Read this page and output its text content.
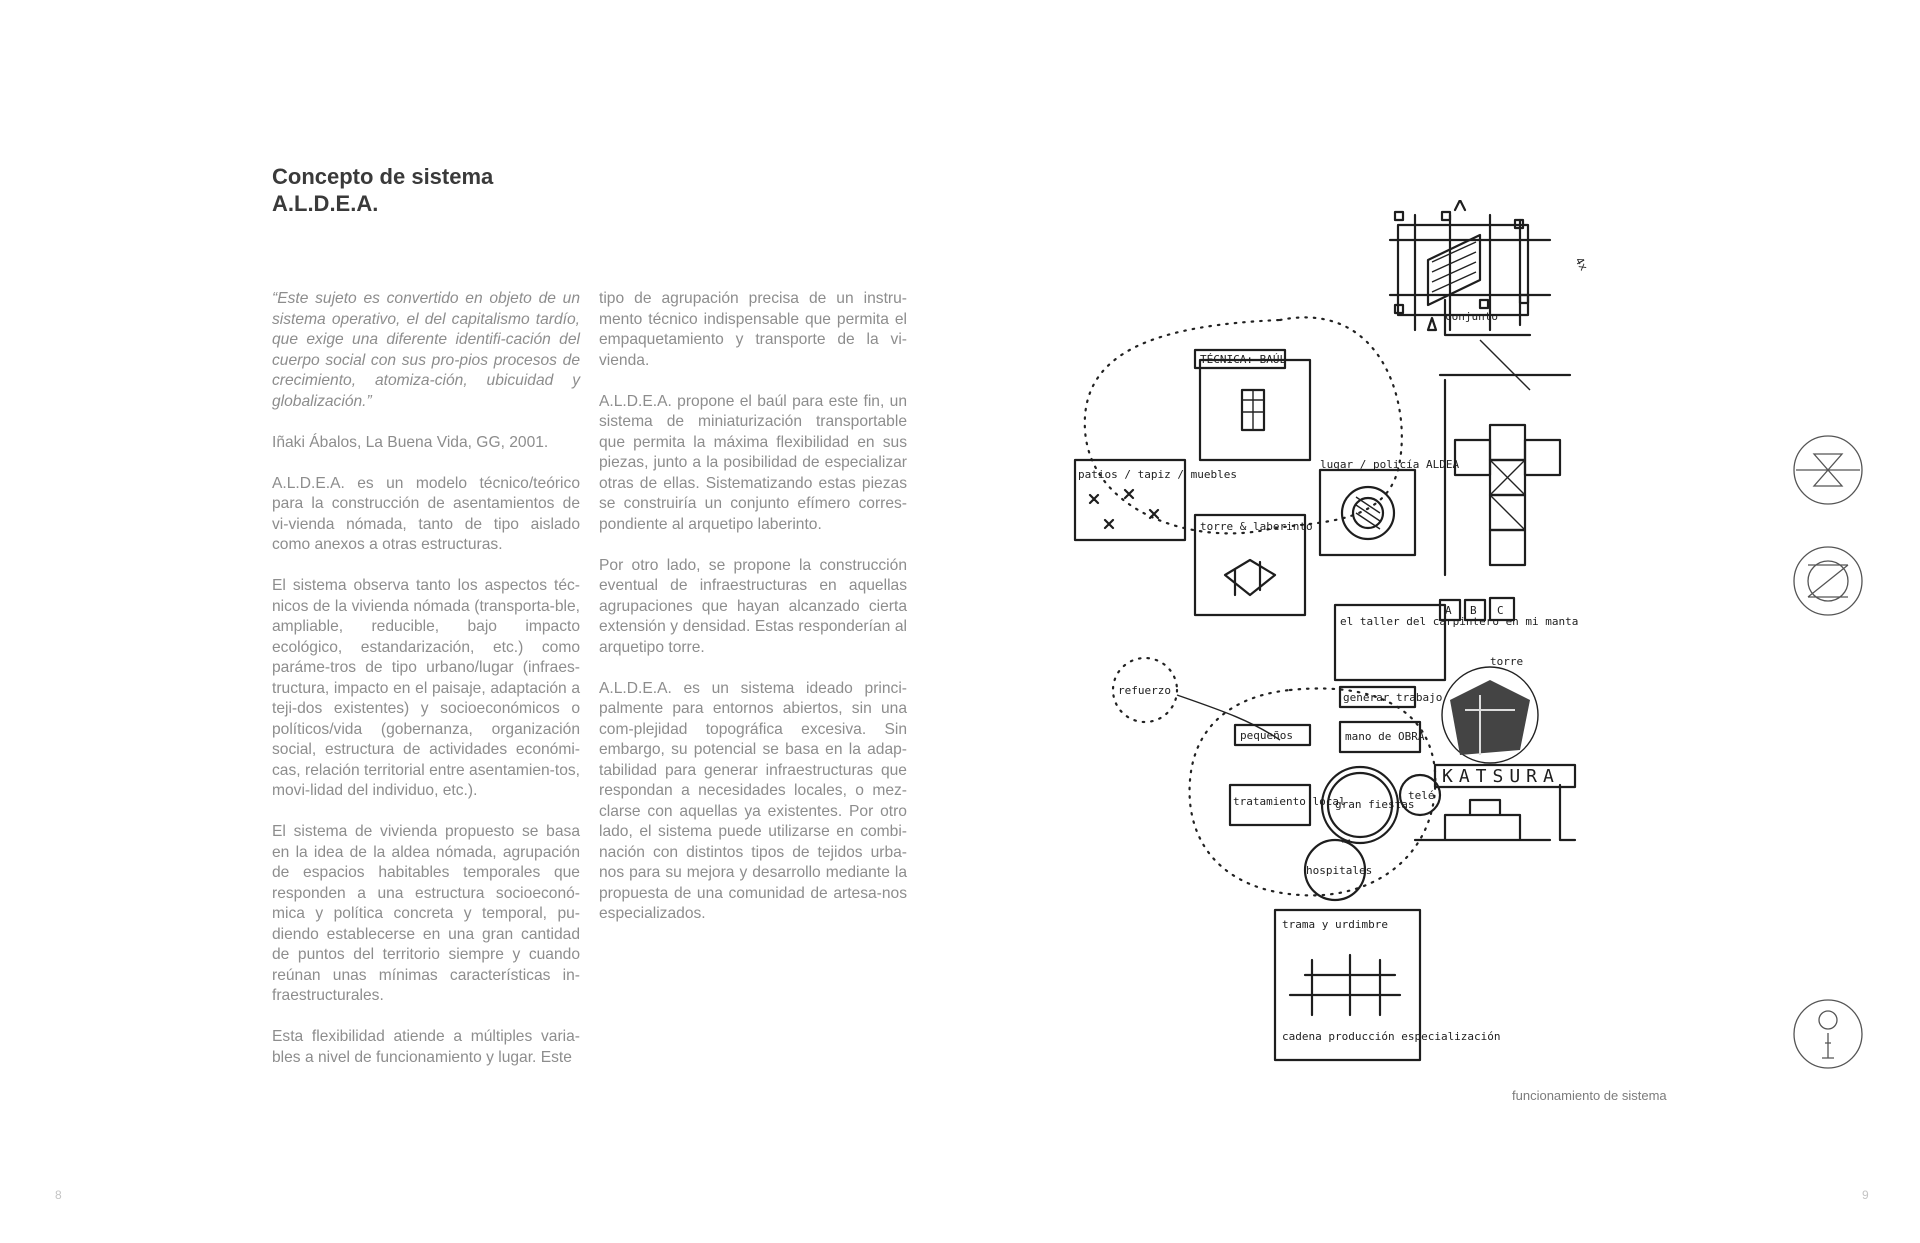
Concepto de sistema
A.L.D.E.A.

“Este sujeto es convertido en objeto de un sistema operativo, el del capitalismo tardío, que exige una diferente identifi-cación del cuerpo social con sus pro-pios procesos de crecimiento, atomiza-ción, ubicuidad y globalización.”

Iñaki Ábalos, La Buena Vida, GG, 2001.

A.L.D.E.A. es un modelo técnico/teórico para la construcción de asentamientos de vi-vienda nómada, tanto de tipo aislado como anexos a otras estructuras.

El sistema observa tanto los aspectos téc-nicos de la vivienda nómada (transporta-ble, ampliable, reducible, bajo impacto ecológico, estandarización, etc.) como paráme-tros de tipo urbano/lugar (infraes-tructura, impacto en el paisaje, adaptación a teji-dos existentes) y socioeconómicos o políticos/vida (gobernanza, organización social, estructura de actividades económi-cas, relación territorial entre asentamien-tos, movi-lidad del individuo, etc.).

El sistema de vivienda propuesto se basa en la idea de la aldea nómada, agrupación de espacios habitables temporales que responden a una estructura socioeconó-mica y política concreta y temporal, pu-diendo establecerse en una gran cantidad de puntos del territorio siempre y cuando reúnan unas mínimas características in-fraestructurales.

Esta flexibilidad atiende a múltiples varia-bles a nivel de funcionamiento y lugar. Este

tipo de agrupación precisa de un instru-mento técnico indispensable que permita el empaquetamiento y transporte de la vi-vienda.

A.L.D.E.A. propone el baúl para este fin, un sistema de miniaturización transportable que permita la máxima flexibilidad en sus piezas, junto a la posibilidad de especializar otras de ellas. Sistematizando estas piezas se construiría un conjunto efímero corres-pondiente al arquetipo laberinto.

Por otro lado, se propone la construcción eventual de infraestructuras en aquellas agrupaciones que hayan alcanzado cierta extensión y densidad. Estas responderían al arquetipo torre.

A.L.D.E.A. es un sistema ideado princi-palmente para entornos abiertos, sin una com-plejidad topográfica excesiva. Sin embargo, su potencial se basa en la adap-tabilidad para generar infraestructuras que respondan a necesidades locales, o mez-clarse con aquellas ya existentes. Por otro lado, el sistema puede utilizarse en combi-nación con distintos tipos de tejidos urba-nos para su mejora y desarrollo mediante la propuesta de una comunidad de artesa-nos especializados.

4x
TÉCNICA: BAÚL
patios / tapiz / muebles
lugar / policía ALDEA
torre & laberinto
el taller del carpintero en mi manta
refuerzo
generar trabajo
pequeños	mano de OBRA
tratamiento local
gran fiestas
telé
hospitales
trama y urdimbre
cadena producción especialización
conjunto
A B C
torre
KATSURA
funcionamiento de sistema
8	9
